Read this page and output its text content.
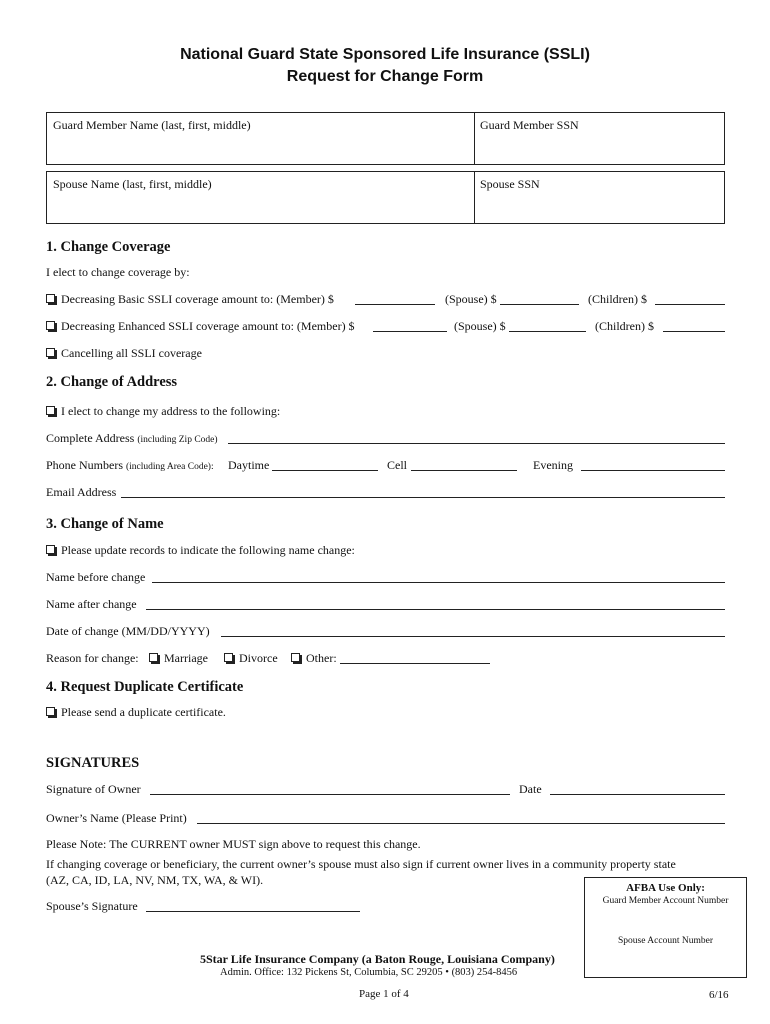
National Guard State Sponsored Life Insurance (SSLI)
Request for Change Form
Guard Member Name (last, first, middle)	Guard Member SSN
Spouse Name (last, first, middle)	Spouse SSN
1. Change Coverage
I elect to change coverage by:
Decreasing Basic SSLI coverage amount to: (Member) $	(Spouse) $	(Children) $
Decreasing Enhanced SSLI coverage amount to: (Member) $	(Spouse) $	(Children) $
Cancelling all SSLI coverage
2. Change of Address
I elect to change my address to the following:
Complete Address (including Zip Code)
Phone Numbers (including Area Code): Daytime	Cell	Evening
Email Address
3. Change of Name
Please update records to indicate the following name change:
Name before change
Name after change
Date of change (MM/DD/YYYY)
Reason for change: Marriage	Divorce Other:
4. Request Duplicate Certificate
Please send a duplicate certificate.
SIGNATURES
Signature of Owner	Date
Owner’s Name (Please Print)
Please Note: The CURRENT owner MUST sign above to request this change.
If changing coverage or beneficiary, the current owner’s spouse must also sign if current owner lives in a community property state
(AZ, CA, ID, LA, NV, NM, TX, WA, & WI).
Spouse’s Signature
AFBA Use Only:
Guard Member Account Number
Spouse Account Number
5Star Life Insurance Company (a Baton Rouge, Louisiana Company)
Admin. Office: 132 Pickens St, Columbia, SC 29205 • (803) 254-8456
Page 1 of 4	6/16
